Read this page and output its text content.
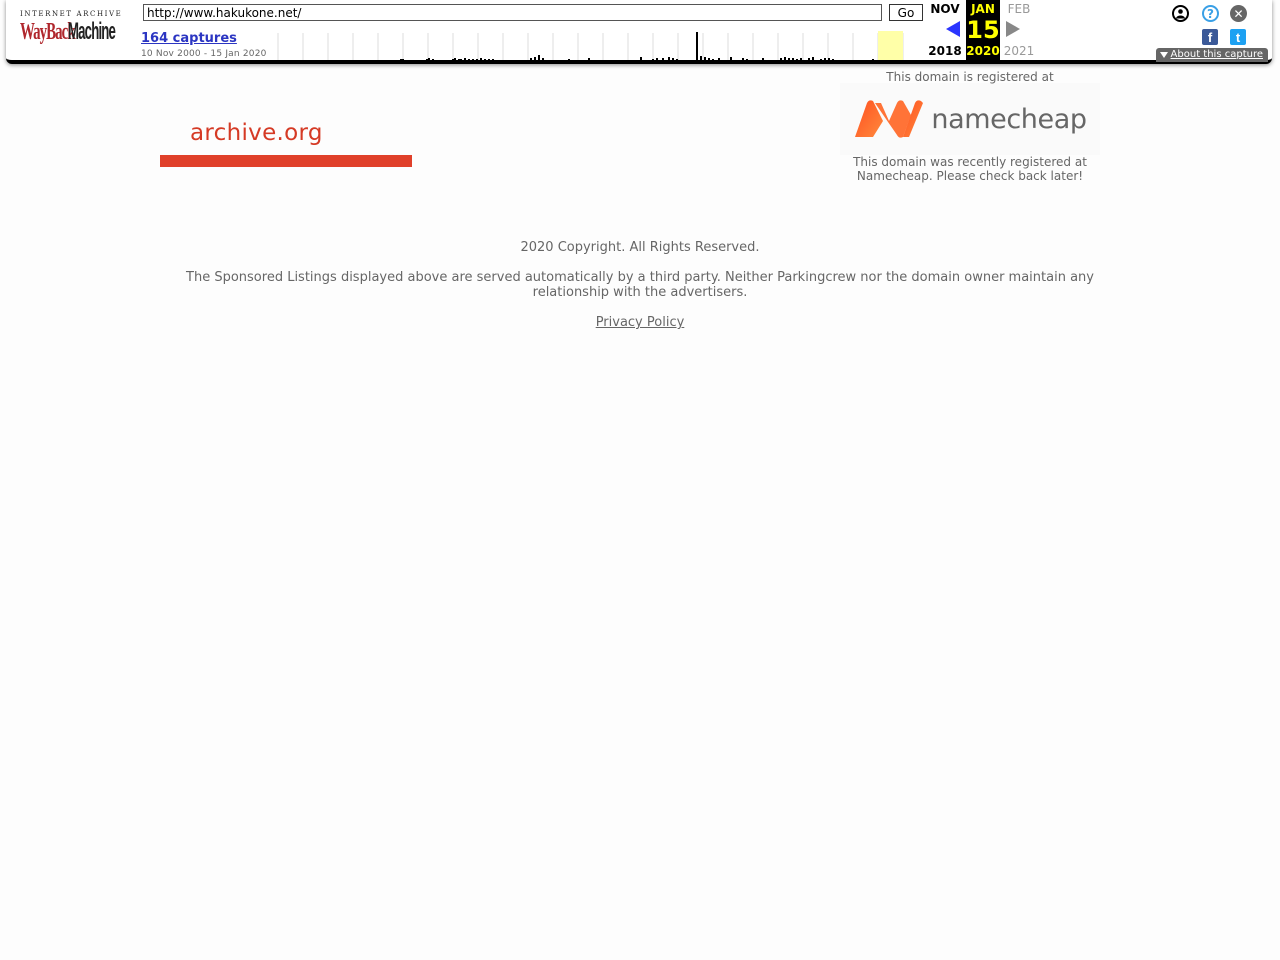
INTERNET ARCHIVE
WayBackMachine
http://www.hakukone.net/
Go
164 captures
10 Nov 2000 - 15 Jan 2020
NOV
2018
JAN
15
2020
FEB
2021
?	✕
f	t
About this capture
archive.org
This domain is registered at
namecheap
This domain was recently registered at Namecheap. Please check back later!
2020 Copyright. All Rights Reserved.
The Sponsored Listings displayed above are served automatically by a third party. Neither Parkingcrew nor the domain owner maintain any relationship with the advertisers.
Privacy Policy
